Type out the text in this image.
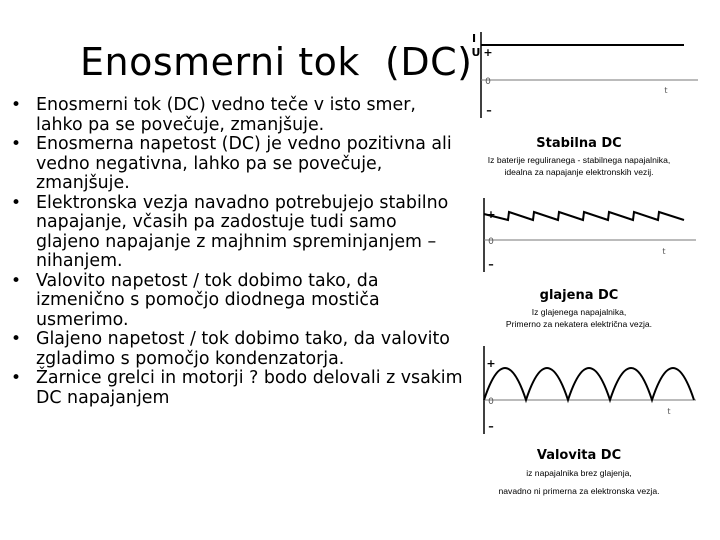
Enosmerni tok  (DC)
• Enosmerni tok (DC) vedno teče v isto smer, lahko pa se povečuje, zmanjšuje.
• Enosmerna napetost (DC) je vedno pozitivna ali vedno negativna, lahko pa se povečuje, zmanjšuje.
• Elektronska vezja navadno potrebujejo stabilno napajanje, včasih pa zadostuje tudi samo glajeno napajanje z majhnim spreminjanjem – nihanjem.
• Valovito napetost / tok dobimo tako, da izmenično s pomočjo diodnega mostiča usmerimo.
• Glajeno napetost / tok dobimo tako, da valovito zgladimo s pomočjo kondenzatorja.
• Žarnice grelci in motorji ? bodo delovali z vsakim DC napajanjem
I
U +
0
–
t
Stabilna DC
Iz baterije reguliranega - stabilnega napajalnika,
idealna za napajanje elektronskih vezij.
+
0
–
t
glajena DC
Iz glajenega napajalnika,
Primerno za nekatera električna vezja.
+
0
–
t
Valovita DC
iz napajalnika brez glajenja,
navadno ni primerna za elektronska vezja.
